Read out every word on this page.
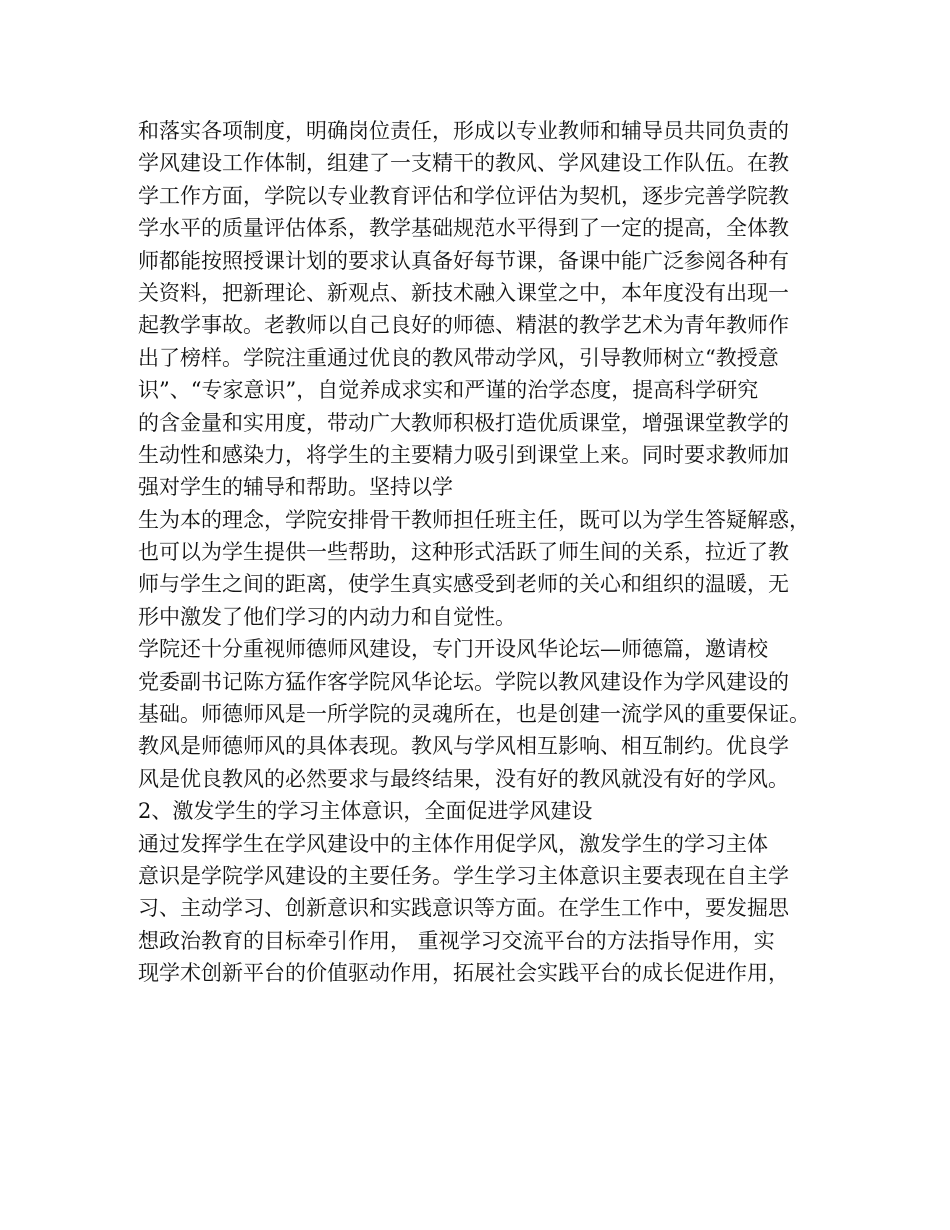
和落实各项制度，明确岗位责任，形成以专业教师和辅导员共同负责的
学风建设工作体制，组建了一支精干的教风、学风建设工作队伍。在教
学工作方面，学院以专业教育评估和学位评估为契机，逐步完善学院教
学水平的质量评估体系，教学基础规范水平得到了一定的提高，全体教
师都能按照授课计划的要求认真备好每节课，备课中能广泛参阅各种有
关资料，把新理论、新观点、新技术融入课堂之中，本年度没有出现一
起教学事故。老教师以自己良好的师德、精湛的教学艺术为青年教师作
出了榜样。学院注重通过优良的教风带动学风，引导教师树立“教授意
识”、“专家意识”，自觉养成求实和严谨的治学态度，提高科学研究
的含金量和实用度，带动广大教师积极打造优质课堂，增强课堂教学的
生动性和感染力，将学生的主要精力吸引到课堂上来。同时要求教师加
强对学生的辅导和帮助。坚持以学
生为本的理念，学院安排骨干教师担任班主任，既可以为学生答疑解惑，
也可以为学生提供一些帮助，这种形式活跃了师生间的关系，拉近了教
师与学生之间的距离，使学生真实感受到老师的关心和组织的温暖，无
形中激发了他们学习的内动力和自觉性。
学院还十分重视师德师风建设，专门开设风华论坛—师德篇，邀请校
党委副书记陈方猛作客学院风华论坛。学院以教风建设作为学风建设的
基础。师德师风是一所学院的灵魂所在，也是创建一流学风的重要保证。
教风是师德师风的具体表现。教风与学风相互影响、相互制约。优良学
风是优良教风的必然要求与最终结果，没有好的教风就没有好的学风。
2、激发学生的学习主体意识，全面促进学风建设
通过发挥学生在学风建设中的主体作用促学风，激发学生的学习主体
意识是学院学风建设的主要任务。学生学习主体意识主要表现在自主学
习、主动学习、创新意识和实践意识等方面。在学生工作中，要发掘思
想政治教育的目标牵引作用， 重视学习交流平台的方法指导作用，实
现学术创新平台的价值驱动作用，拓展社会实践平台的成长促进作用，
